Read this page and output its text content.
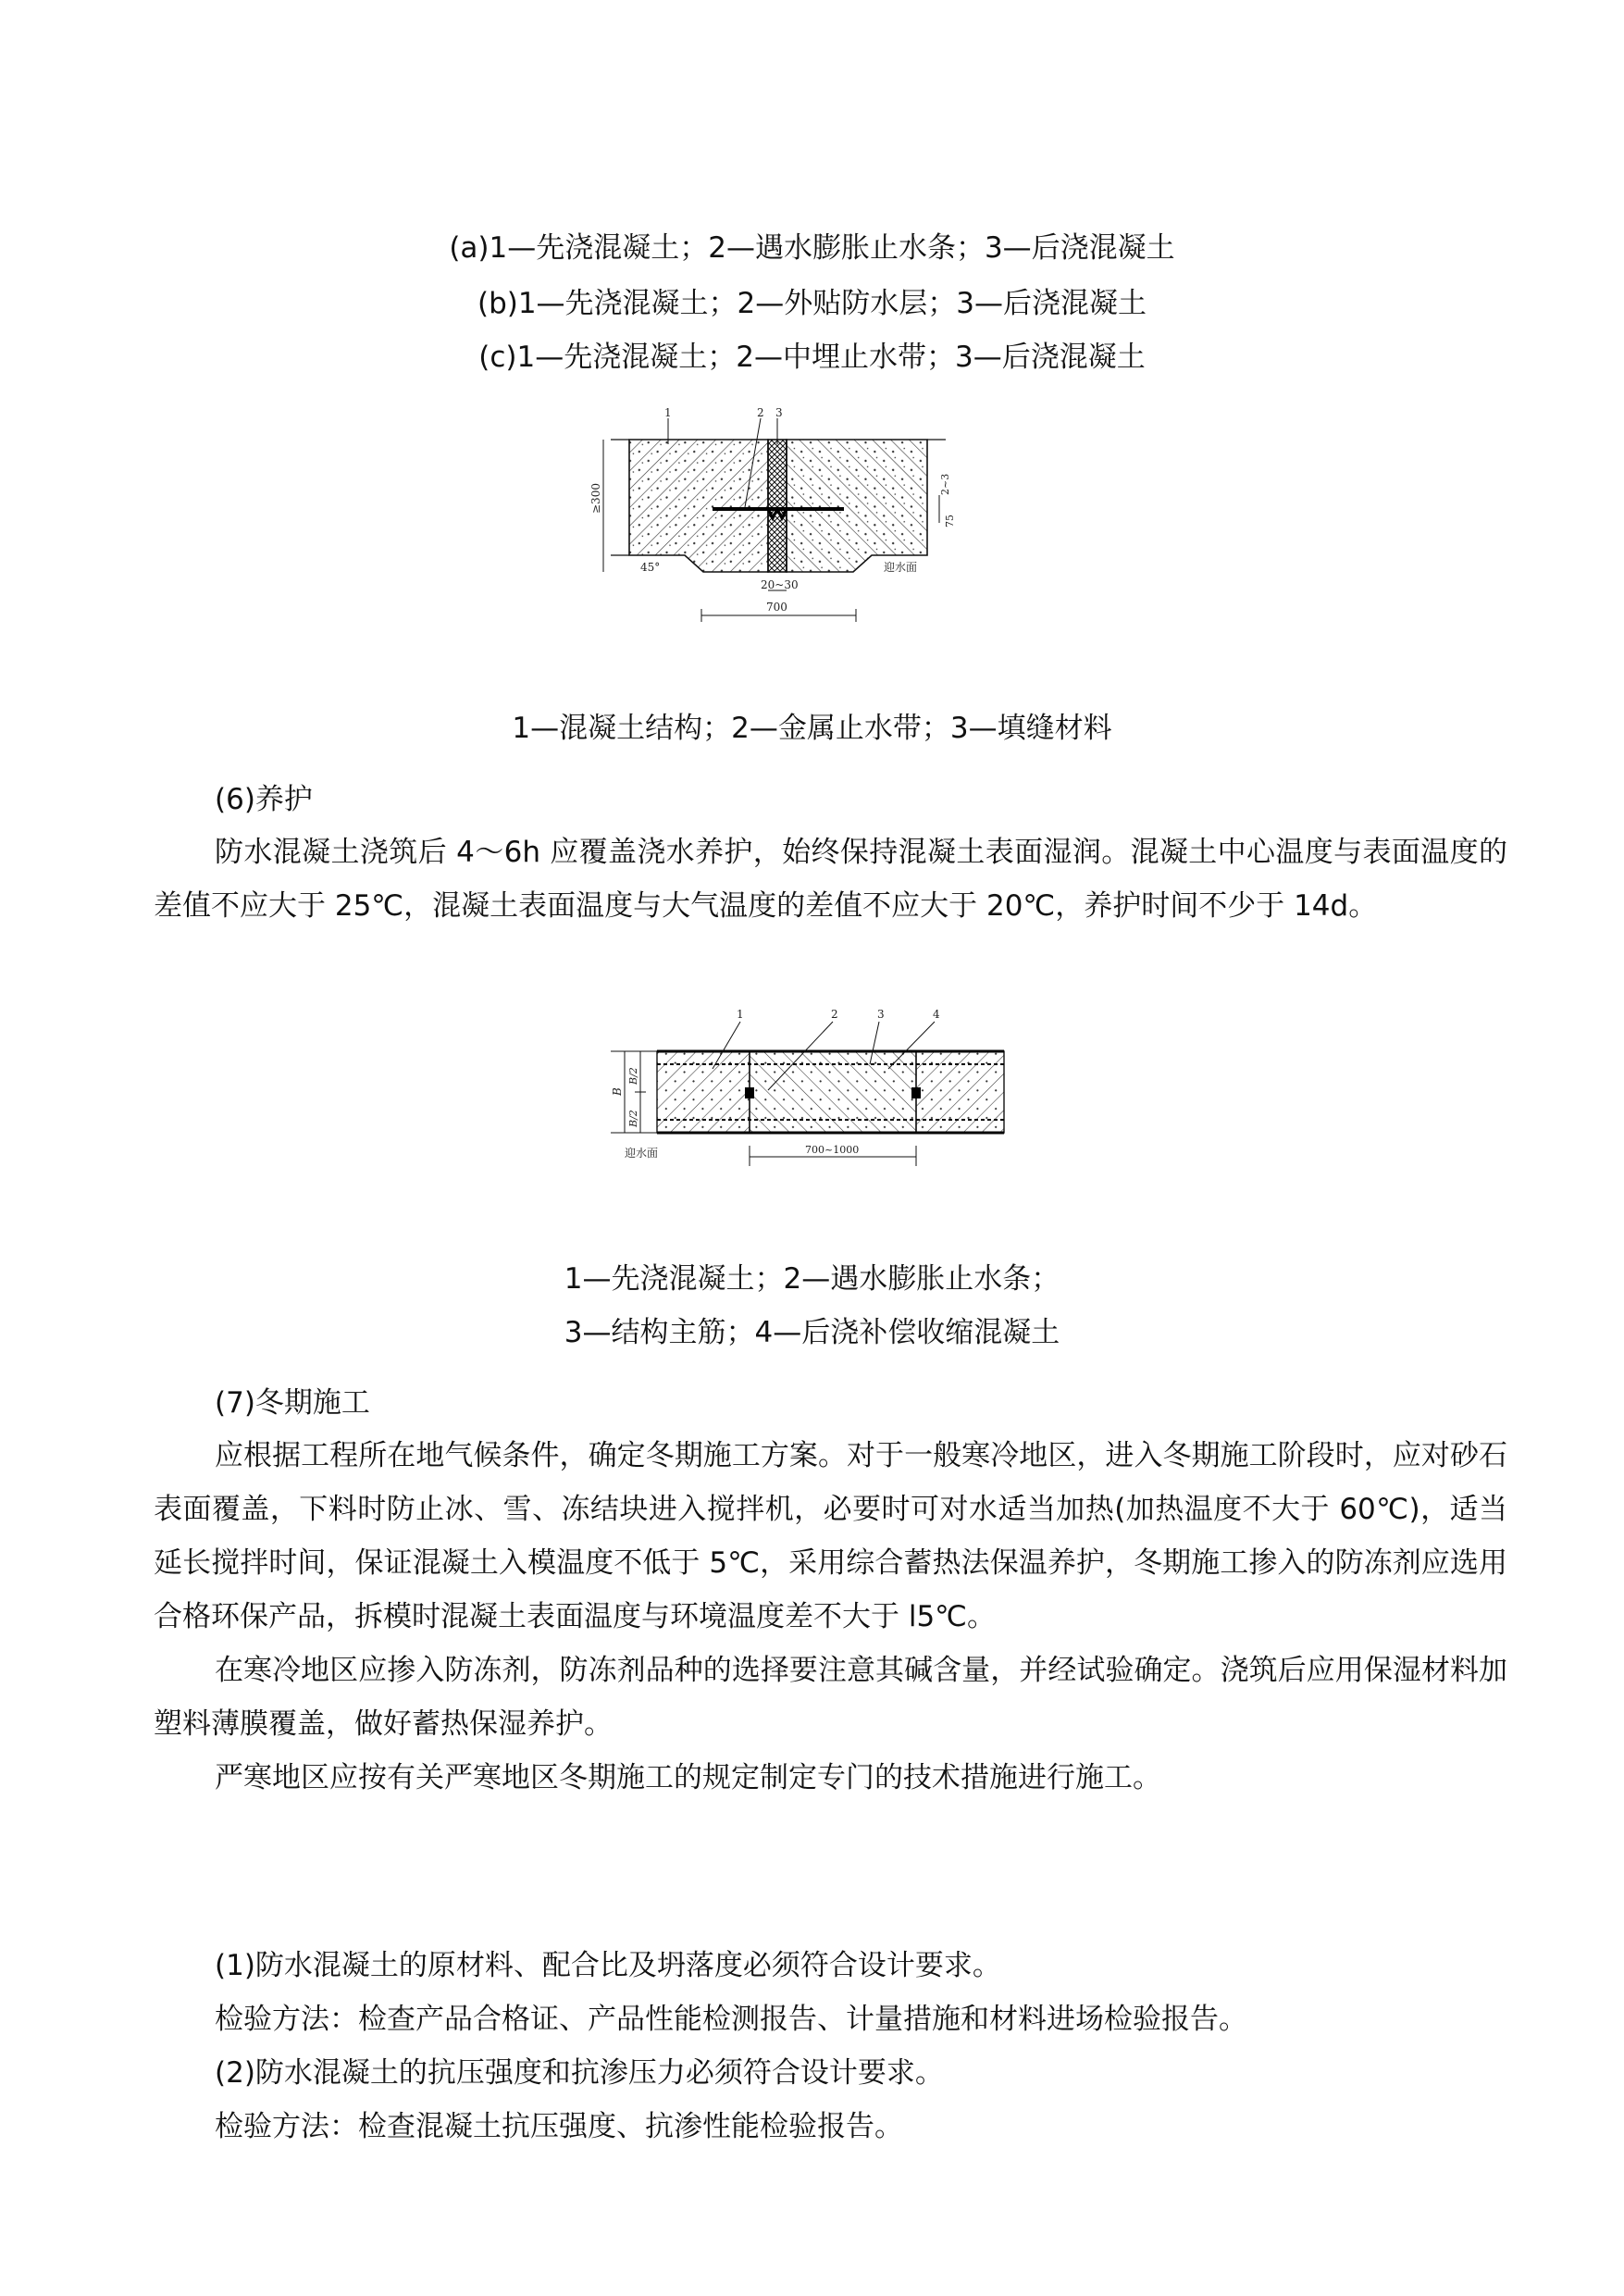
(a)1—先浇混凝土；2—遇水膨胀止水条；3—后浇混凝土
(b)1—先浇混凝土；2—外贴防水层；3—后浇混凝土
(c)1—先浇混凝土；2—中埋止水带；3—后浇混凝土
1	2 3
≥300	2~3
75
45°	迎水面
20~30
700
1—混凝土结构；2—金属止水带；3—填缝材料
(6)养护
防水混凝土浇筑后 4～6h 应覆盖浇水养护，始终保持混凝土表面湿润。混凝土中心温度与表面温度的差值不应大于 25℃，混凝土表面温度与大气温度的差值不应大于 20℃，养护时间不少于 14d。
1	2	3	4
B
B/2
B/2
迎水面	700~1000
1—先浇混凝土；2—遇水膨胀止水条；
3—结构主筋；4—后浇补偿收缩混凝土
(7)冬期施工
应根据工程所在地气候条件，确定冬期施工方案。对于一般寒冷地区，进入冬期施工阶段时，应对砂石表面覆盖，下料时防止冰、雪、冻结块进入搅拌机，必要时可对水适当加热(加热温度不大于 60℃)，适当延长搅拌时间，保证混凝土入模温度不低于 5℃，采用综合蓄热法保温养护，冬期施工掺入的防冻剂应选用合格环保产品，拆模时混凝土表面温度与环境温度差不大于 l5℃。
在寒冷地区应掺入防冻剂，防冻剂品种的选择要注意其碱含量，并经试验确定。浇筑后应用保湿材料加塑料薄膜覆盖，做好蓄热保湿养护。
严寒地区应按有关严寒地区冬期施工的规定制定专门的技术措施进行施工。
(1)防水混凝土的原材料、配合比及坍落度必须符合设计要求。
检验方法：检查产品合格证、产品性能检测报告、计量措施和材料进场检验报告。
(2)防水混凝土的抗压强度和抗渗压力必须符合设计要求。
检验方法：检查混凝土抗压强度、抗渗性能检验报告。
